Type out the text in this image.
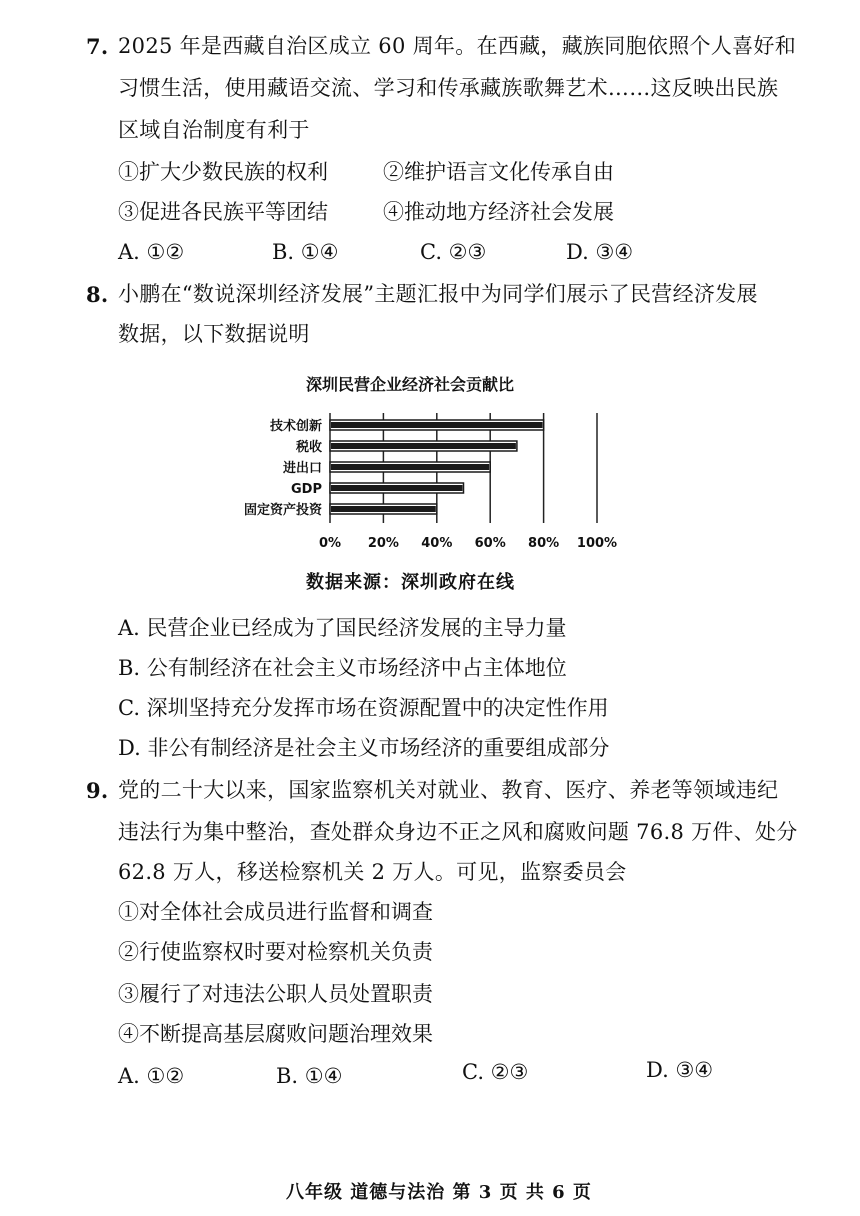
7. 2025 年是西藏自治区成立 60 周年。在西藏，藏族同胞依照个人喜好和
习惯生活，使用藏语交流、学习和传承藏族歌舞艺术……这反映出民族
区域自治制度有利于
①扩大少数民族的权利	②维护语言文化传承自由
③促进各民族平等团结	④推动地方经济社会发展
A. ①②	B. ①④	C. ②③	D. ③④
8. 小鹏在“数说深圳经济发展”主题汇报中为同学们展示了民营经济发展
数据，以下数据说明
深圳民营企业经济社会贡献比
0% 20% 40% 60% 80% 100%
技术创新
税收
进出口
GDP
固定资产投资
数据来源：深圳政府在线
A. 民营企业已经成为了国民经济发展的主导力量
B. 公有制经济在社会主义市场经济中占主体地位
C. 深圳坚持充分发挥市场在资源配置中的决定性作用
D. 非公有制经济是社会主义市场经济的重要组成部分
9. 党的二十大以来，国家监察机关对就业、教育、医疗、养老等领域违纪
违法行为集中整治，查处群众身边不正之风和腐败问题 76.8 万件、处分
62.8 万人，移送检察机关 2 万人。可见，监察委员会
①对全体社会成员进行监督和调查
②行使监察权时要对检察机关负责
③履行了对违法公职人员处置职责
④不断提高基层腐败问题治理效果
A. ①②	B. ①④	C. ②③	D. ③④
八年级 道德与法治 第 3 页 共 6 页
